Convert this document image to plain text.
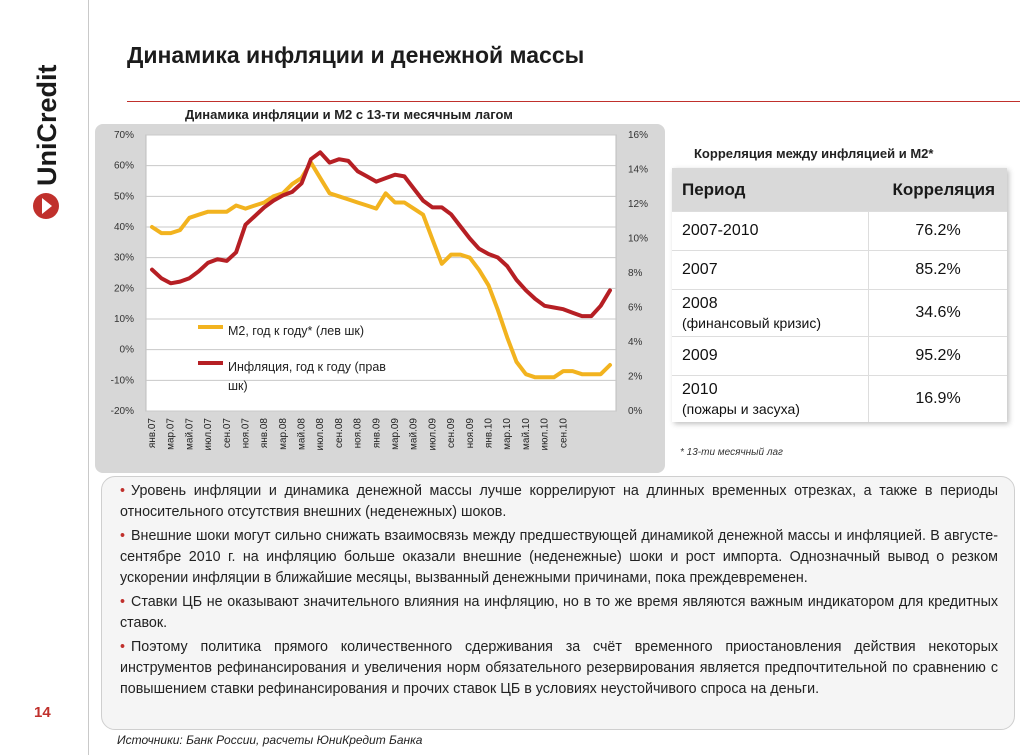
UniCredit
Динамика инфляции и денежной массы
Динамика инфляции и М2 с 13-ти месячным лагом
70%
60%
50%
40%
30%
20%
10%
0%
-10%
-20%
16%
14%
12%
10%
8%
6%
4%
2%
0%
янв.07 мар.07 май.07 июл.07 сен.07 ноя.07 янв.08 мар.08 май.08 июл.08 сен.08 ноя.08 янв.09 мар.09 май.09 июл.09 сен.09 ноя.09 янв.10 мар.10 май.10 июл.10 сен.10
M2, год к году* (лев шк)
Инфляция, год к году (прав шк)
Корреляция между инфляцией и М2*
Период	Корреляция
2007-2010	76.2%
2007	85.2%
2008
(финансовый кризис)	34.6%
2009	95.2%
2010
(пожары и засуха)	16.9%
* 13-ти месячный лаг
• Уровень инфляции и динамика денежной массы лучше коррелируют на длинных временных отрезках, а также в периоды относительного отсутствия внешних (неденежных) шоков.
• Внешние шоки могут сильно снижать взаимосвязь между предшествующей динамикой денежной массы и инфляцией. В августе-сентябре 2010 г. на инфляцию больше оказали внешние (неденежные) шоки и рост импорта. Однозначный вывод о резком ускорении инфляции в ближайшие месяцы, вызванный денежными причинами, пока преждевременен.
• Ставки ЦБ не оказывают значительного влияния на инфляцию, но в то же время являются важным индикатором для кредитных ставок.
• Поэтому политика прямого количественного сдерживания за счёт временного приостановления действия некоторых инструментов рефинансирования и увеличения норм обязательного резервирования является предпочтительной по сравнению с повышением ставки рефинансирования и прочих ставок ЦБ в условиях неустойчивого спроса на деньги.
14
Источники: Банк России, расчеты ЮниКредит Банка
